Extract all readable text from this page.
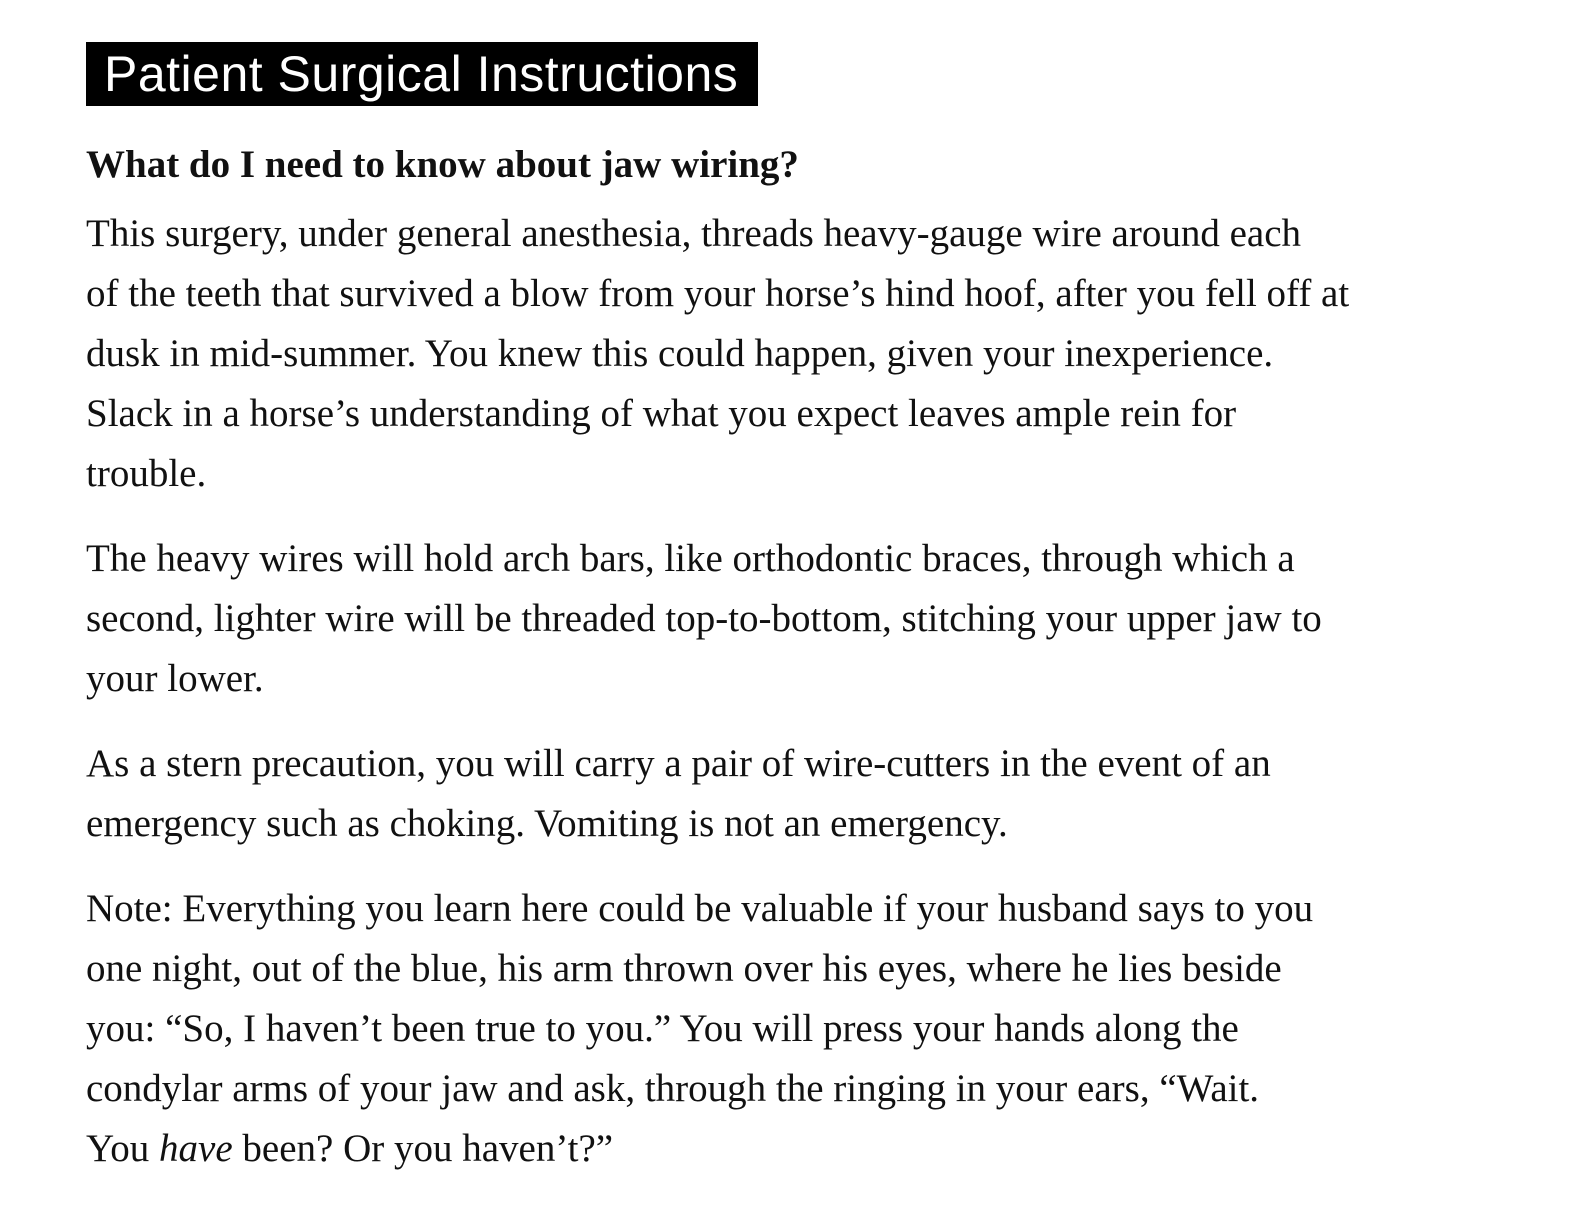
Patient Surgical Instructions
What do I need to know about jaw wiring?

This surgery, under general anesthesia, threads heavy-gauge wire around each
of the teeth that survived a blow from your horse’s hind hoof, after you fell off at
dusk in mid-summer. You knew this could happen, given your inexperience.
Slack in a horse’s understanding of what you expect leaves ample rein for
trouble.

The heavy wires will hold arch bars, like orthodontic braces, through which a
second, lighter wire will be threaded top-to-bottom, stitching your upper jaw to
your lower.

As a stern precaution, you will carry a pair of wire-cutters in the event of an
emergency such as choking. Vomiting is not an emergency.

Note: Everything you learn here could be valuable if your husband says to you
one night, out of the blue, his arm thrown over his eyes, where he lies beside
you: “So, I haven’t been true to you.” You will press your hands along the
condylar arms of your jaw and ask, through the ringing in your ears, “Wait.
You have been? Or you haven’t?”
